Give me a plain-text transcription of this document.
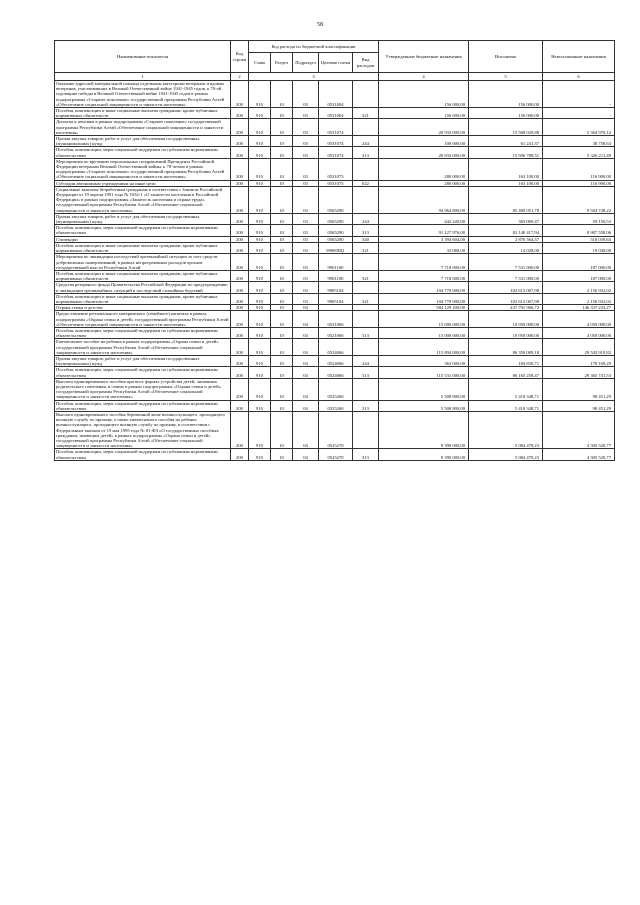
58
Наименование показателя	Код строки	Код расхода по бюджетной классификации					Утвержденные бюджетные назначения	Исполнено	Неисполненные назначения
		Глава	Раздел	Подраздел	Целевая статья	Вид расходов			
1	2	3					4	5	6
Оказание адресной материальной помощи отдельным категориям ветеранов и вдовам ветеранов, участвовавших в Великой Отечественной войне 1941-1945 годов, к 70-ой годовщине победы в Великой Отечественной войне 1941-1945 годов в рамках подпрограммы «Старшее поколение» государственной программы Республики Алтай «Обеспечение социальной защищенности и занятости населения»	200	910	10	03	0531004		156 000,00	156 000,00	-
Пособия, компенсации и иные социальные выплаты гражданам, кроме публичных нормативных обязательств	200	910	10	03	0531004	321	156 000,00	156 000,00	-
Доплаты к пенсиям в рамках подпрограммы «Старшее поколение» государственной программы Республики Алтай «Обеспечение социальной защищенности и занятости населения»	200	910	10	03	0531074		20 933 000,00	15 568 029,88	5 364 970,12
Прочая закупка товаров, работ и услуг для обеспечения государственных (муниципальных) нужд	200	910	10	03	0531074	244	100 000,00	61 241,37	38 758,63
Пособия, компенсации, меры социальной поддержки по публичным нормативным обязательствам	200	910	10	03	0531074	313	20 833 000,00	15 506 788,51	5 326 211,49
Мероприятия по вручению персональных поздравлений Президента Российской Федерации ветеранам Великой Отечественной войны, к 70-летию в рамках подпрограммы «Старшее поколение» государственной программы Республики Алтай «Обеспечение социальной защищенности и занятости населения»	200	910	10	03	0531075		280 000,00	163 100,00	116 900,00
Субсидии автономным учреждениям на иные цели	200	910	10	03	0531075	622	280 000,00	163 100,00	116 900,00
Социальные выплаты безработным гражданам в соответствии с Законом Российской Федерации от 19 апреля 1991 года № 1032-1 «О занятости населения в Российской Федерации» в рамках подпрограммы «Занятость населения и охрана труда» государственной программы Республики Алтай «Обеспечение социальной защищенности и занятости населения»	200	910	10	03	0565290		94 964 800,00	85 400 051,78	9 564 748,22
Прочая закупка товаров, работ и услуг для обеспечения государственных (муниципальных) нужд	200	910	10	03	0565290	244	442 220,00	383 069,47	59 150,53
Пособия, компенсации, меры социальной поддержки по публичным нормативным обязательствам	200	910	10	03	0565290	313	91 127 976,00	82 140 417,94	8 987 558,06
Стипендии	200	910	10	03	0565290	340	3 394 604,00	2 876 564,37	518 039,63
Пособия, компенсации и иные социальные выплаты гражданам, кроме публичных нормативных обязательств	200	910	10	03	99000Щ1	321	33 068,00	14 028,00	19 040,00
Мероприятия по ликвидации последствий чрезвычайной ситуации за счет средств добровольных пожертвований, в рамках непрограммных расходов органов государственной власти Республики Алтай	200	910	10	03	9901100		7 718 000,00	7 531 000,00	187 000,00
Пособия, компенсации и иные социальные выплаты гражданам, кроме публичных нормативных обязательств	200	910	10	03	9901100	321	7 718 000,00	7 531 000,00	187 000,00
Средства резервного фонда Правительства Российской Федерации по предупреждению и ликвидации чрезвычайных ситуаций и последствий стихийных бедствий	200	910	10	03	9905104		104 770 000,00	102 613 067,98	2 156 932,02
Пособия, компенсации и иные социальные выплаты гражданам, кроме публичных нормативных обязательств	200	910	10	03	9905104	321	104 770 000,00	102 613 067,98	2 156 932,02
Охрана семьи и детства	200	910	10	04			584 129 200,00	437 791 966,73	146 337 233,27
Предоставление регионального материнского (семейного) капитала в рамках подпрограммы «Охрана семьи и детей» государственной программы Республики Алтай «Обеспечение социальной защищенности и занятости населения»	200	910	10	04	0521066		15 000 000,00	10 950 000,00	4 050 000,00
Пособия, компенсации, меры социальной поддержки по публичным нормативным обязательствам	200	910	10	04	0521066	313	15 000 000,00	10 950 000,00	4 050 000,00
Ежемесячное пособие на ребенка в рамках подпрограммы «Охрана семьи и детей» государственной программы Республики Алтай «Обеспечение социальной защищенности и занятости населения»	200	910	10	04	0524066		115 894 000,00	86 350 089,18	29 543 910,82
Прочая закупка товаров, работ и услуг для обеспечения государственных (муниципальных) нужд	200	910	10	04	0524066	244	363 000,00	184 830,71	178 169,29
Пособия, компенсации, меры социальной поддержки по публичным нормативным обязательствам	200	910	10	04	0524066	313	115 531 000,00	86 165 258,47	29 365 741,53
Выплата единовременного пособия при всех формах устройства детей, лишенных родительского попечения, в семью в рамках подпрограммы «Охрана семьи и детей» государственной программы Республики Алтай «Обеспечение социальной защищенности и занятости населения»	200	910	10	04	0525260		5 508 800,00	5 410 348,71	98 451,29
Пособия, компенсации, меры социальной поддержки по публичным нормативным обязательствам	200	910	10	04	0525260	313	5 508 800,00	5 410 348,71	98 451,29
Выплата единовременного пособия беременной жене военнослужащего, проходящего военную службу по призыву, а также ежемесячного пособия на ребенка военнослужащего, проходящего военную службу по призыву, в соответствии с Федеральным законом от 19 мая 1995 года № 81-ФЗ «О государственных пособиях гражданам, имеющим детей» в рамках подпрограммы «Охрана семьи и детей» государственной программы Республики Алтай «Обеспечение социальной защищенности и занятости населения»	200	910	10	04	0525270		9 390 000,00	5 084 479,23	4 305 520,77
Пособия, компенсации, меры социальной поддержки по публичным нормативным обязательствам	200	910	10	04	0525270	313	9 390 000,00	5 084 479,23	4 305 520,77
